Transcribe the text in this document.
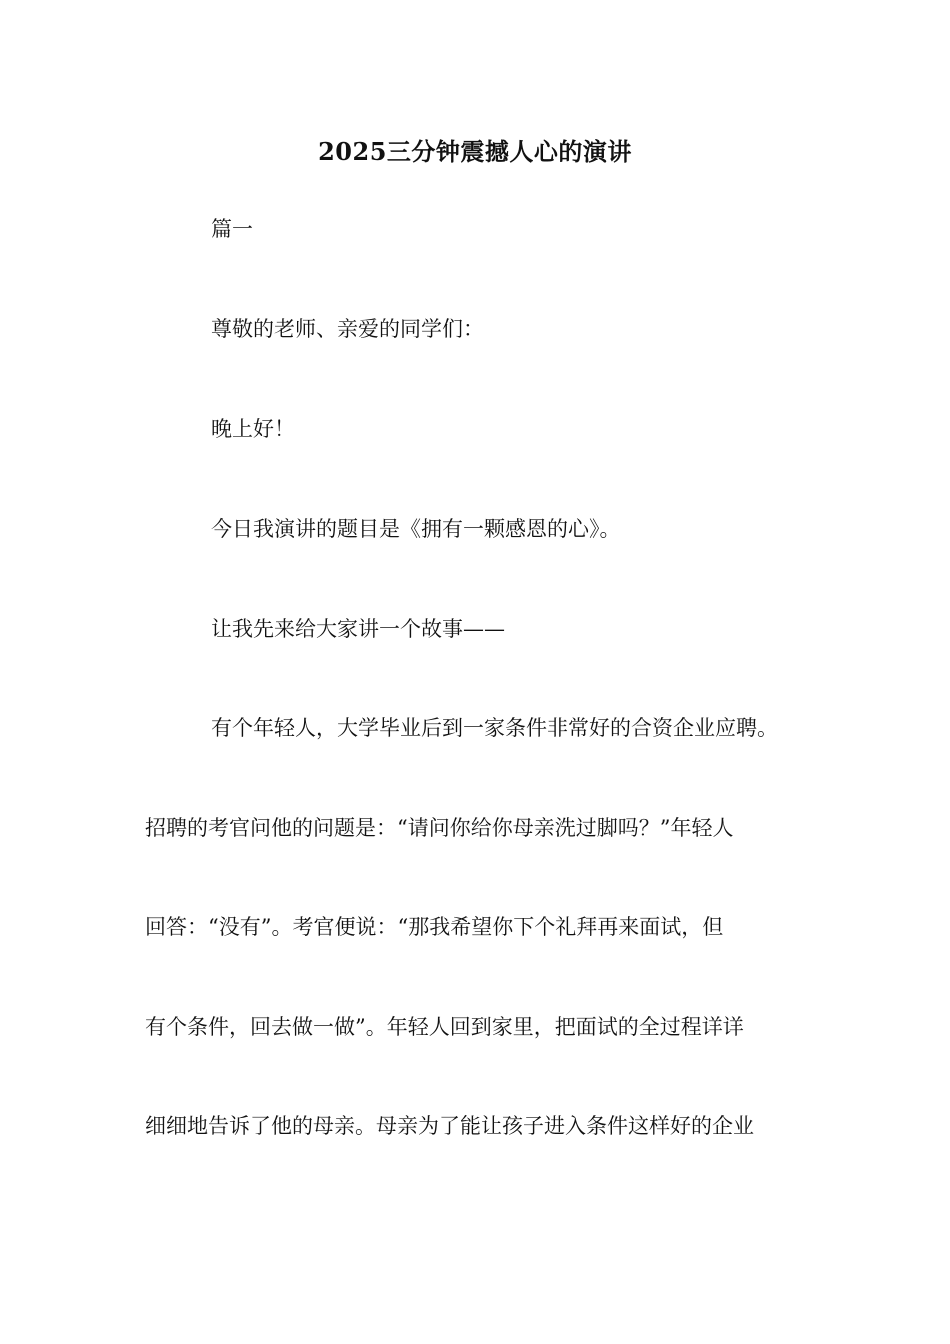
2025三分钟震撼人心的演讲
篇一
尊敬的老师、亲爱的同学们：
晚上好！
今日我演讲的题目是《拥有一颗感恩的心》。
让我先来给大家讲一个故事——
有个年轻人，大学毕业后到一家条件非常好的合资企业应聘。
招聘的考官问他的问题是：“请问你给你母亲洗过脚吗？”年轻人
回答：“没有”。考官便说：“那我希望你下个礼拜再来面试，但
有个条件，回去做一做”。年轻人回到家里，把面试的全过程详详
细细地告诉了他的母亲。母亲为了能让孩子进入条件这样好的企业
